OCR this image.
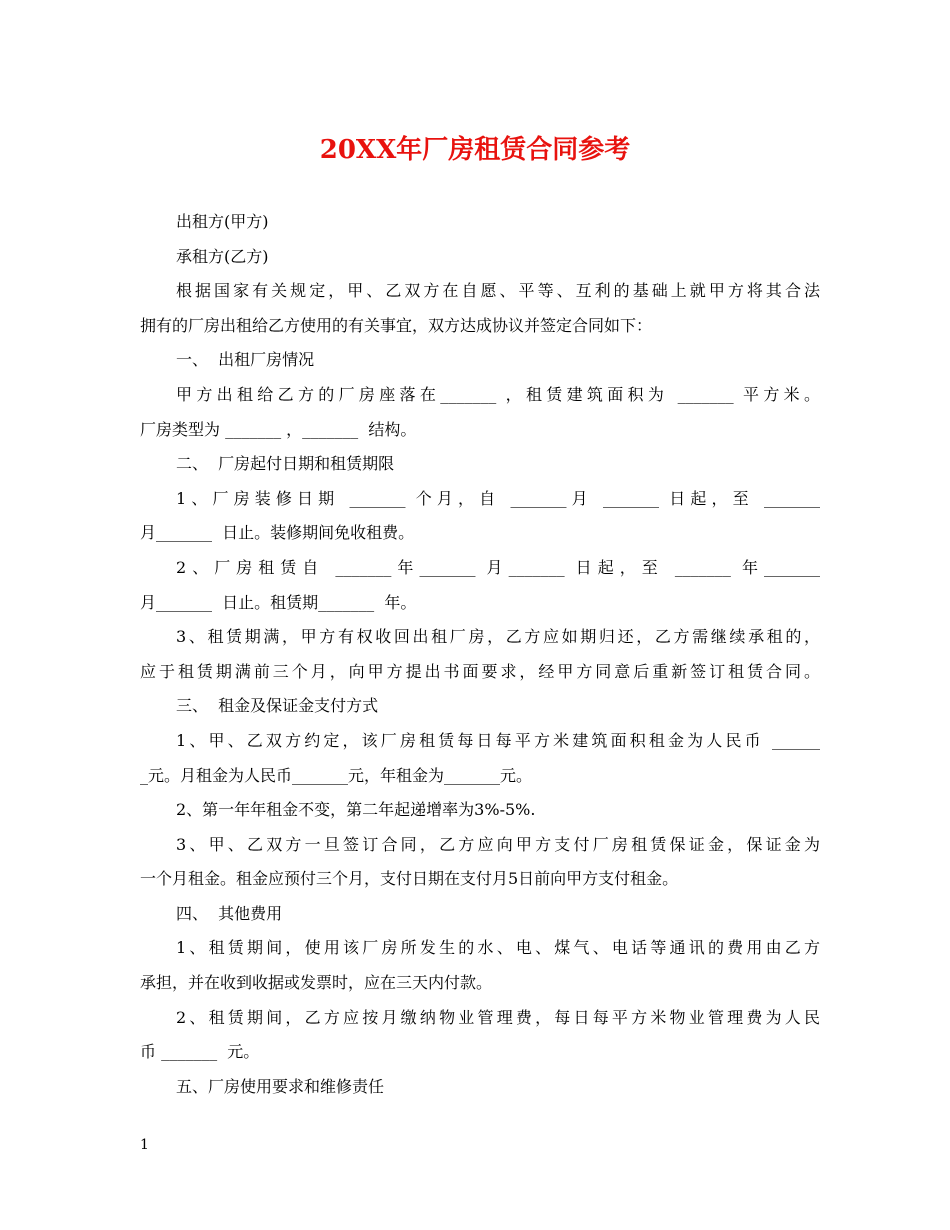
20XX年厂房租赁合同参考
出租方(甲方)
承租方(乙方)
根据国家有关规定，甲、乙双方在自愿、平等、互利的基础上就甲方将其合法
拥有的厂房出租给乙方使用的有关事宜，双方达成协议并签定合同如下：
一、  出租厂房情况
甲方出租给乙方的厂房座落在_______ ，租赁建筑面积为 _______ 平方米。
厂房类型为 _______ ，_______  结构。
二、  厂房起付日期和租赁期限
1、厂房装修日期 _______ 个月，自 _______月 _______ 日起，至 _______
月_______  日止。装修期间免收租费。
2、厂房租赁自 _______年_______ 月_______ 日起，至 _______ 年_______
月_______  日止。租赁期_______  年。
3、租赁期满，甲方有权收回出租厂房，乙方应如期归还，乙方需继续承租的，
应于租赁期满前三个月，向甲方提出书面要求，经甲方同意后重新签订租赁合同。
三、  租金及保证金支付方式
1、甲、乙双方约定，该厂房租赁每日每平方米建筑面积租金为人民币 ______
_元。月租金为人民币_______元，年租金为_______元。
2、第一年年租金不变，第二年起递增率为3%-5%.
3、甲、乙双方一旦签订合同，乙方应向甲方支付厂房租赁保证金，保证金为
一个月租金。租金应预付三个月，支付日期在支付月5日前向甲方支付租金。
四、  其他费用
1、租赁期间，使用该厂房所发生的水、电、煤气、电话等通讯的费用由乙方
承担，并在收到收据或发票时，应在三天内付款。
2、租赁期间，乙方应按月缴纳物业管理费，每日每平方米物业管理费为人民
币 _______  元。
五、厂房使用要求和维修责任
1
